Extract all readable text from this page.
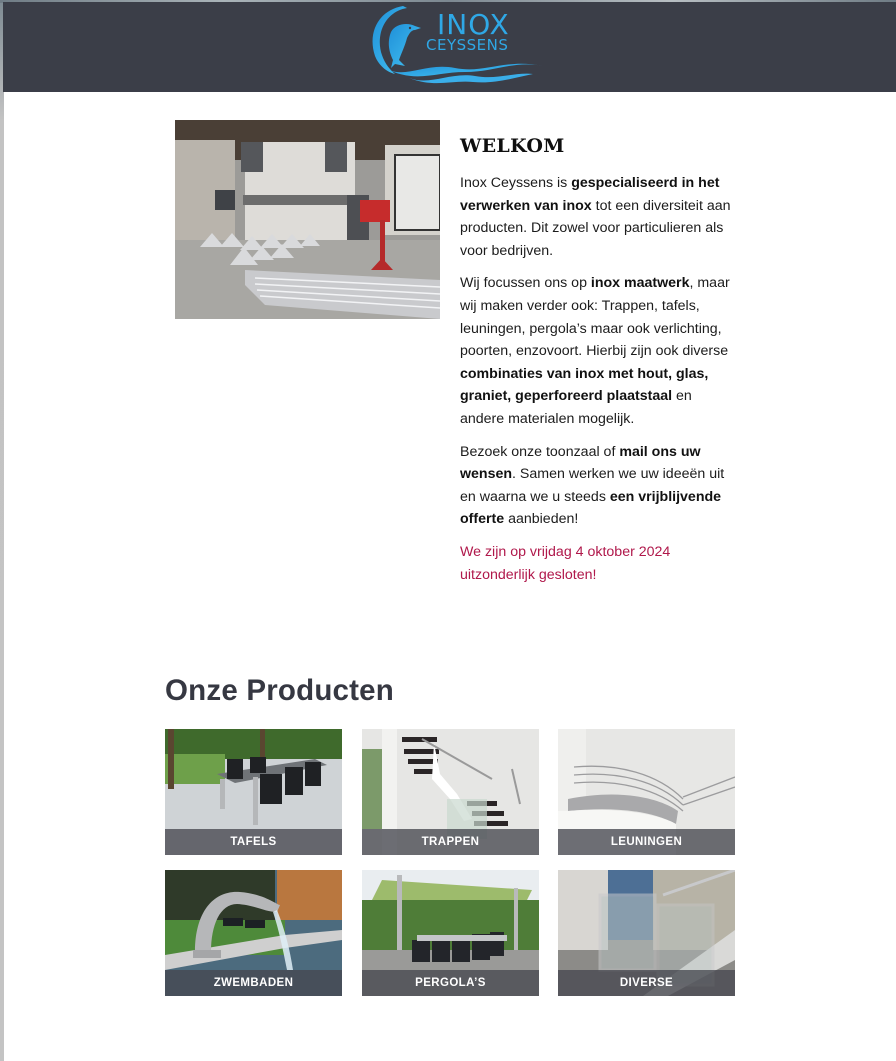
INOX
CEYSSENS
WELKOM

Inox Ceyssens is gespecialiseerd in het verwerken van inox tot een diversiteit aan producten. Dit zowel voor particulieren als voor bedrijven.

Wij focussen ons op inox maatwerk, maar wij maken verder ook: Trappen, tafels, leuningen, pergola’s maar ook verlichting, poorten, enzovoort. Hierbij zijn ook diverse combinaties van inox met hout, glas, graniet, geperforeerd plaatstaal en andere materialen mogelijk.

Bezoek onze toonzaal of mail ons uw wensen. Samen werken we uw ideeën uit en waarna we u steeds een vrijblijvende offerte aanbieden!

We zijn op vrijdag 4 oktober 2024 uitzonderlijk gesloten!

Onze Producten
TAFELS	TRAPPEN	LEUNINGEN
ZWEMBADEN	PERGOLA’S	DIVERSE
